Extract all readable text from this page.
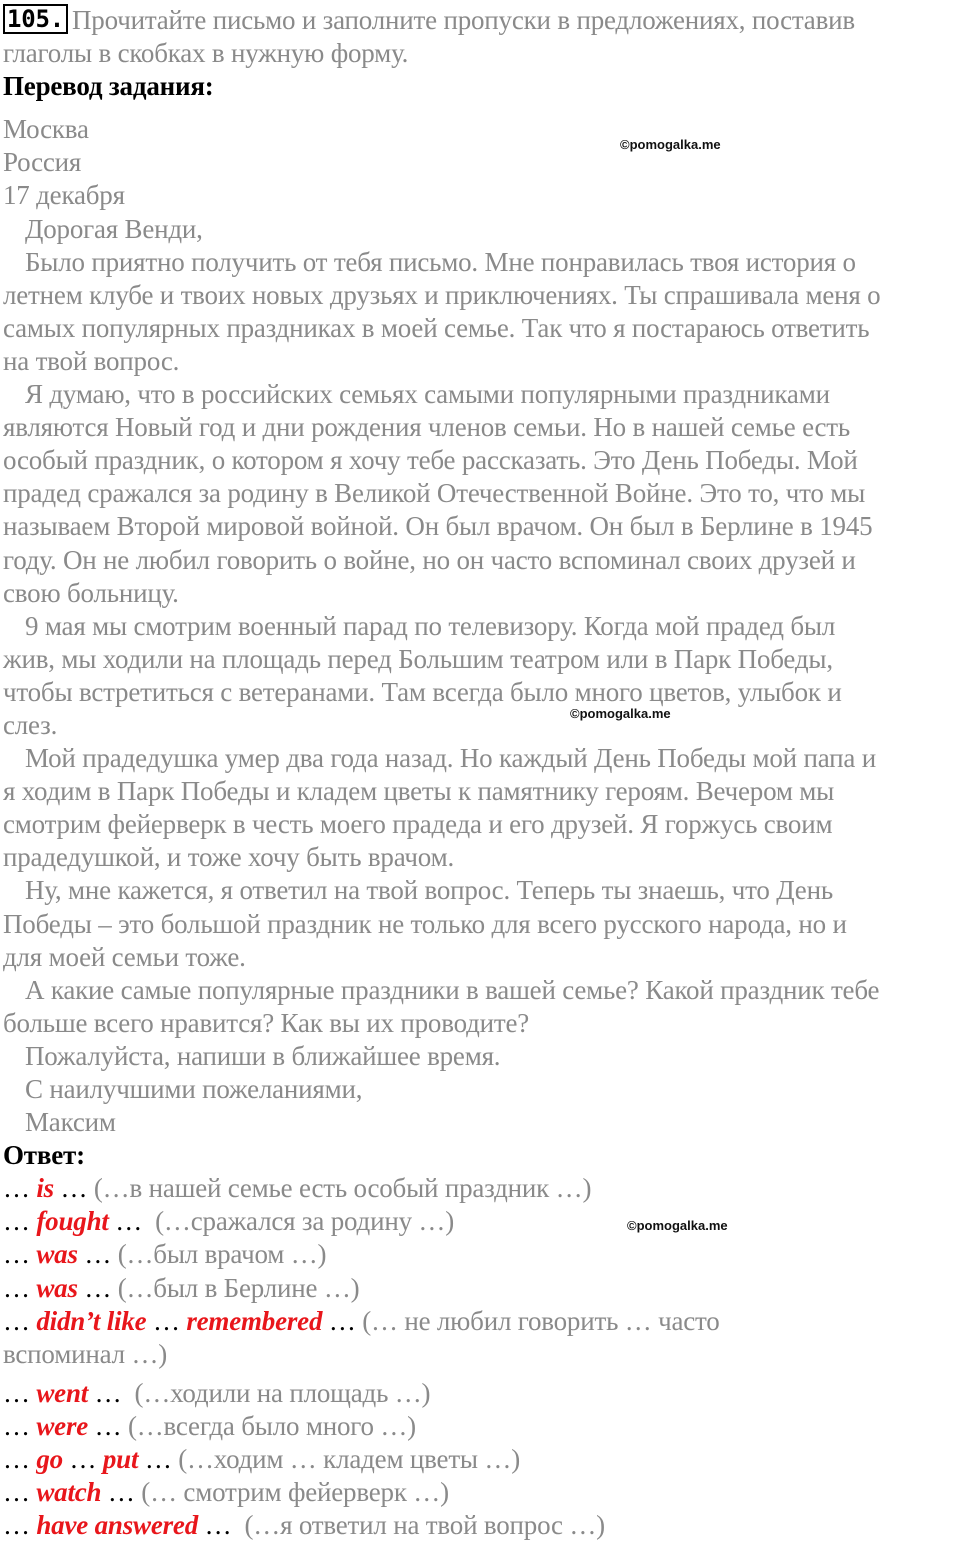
105. Прочитайте письмо и заполните пропуски в предложениях, поставив
глаголы в скобках в нужную форму.
Перевод задания:
Москва
Россия
17 декабря
Дорогая Венди,
Было приятно получить от тебя письмо. Мне понравилась твоя история о
летнем клубе и твоих новых друзьях и приключениях. Ты спрашивала меня о
самых популярных праздниках в моей семье. Так что я постараюсь ответить
на твой вопрос.
Я думаю, что в российских семьях самыми популярными праздниками
являются Новый год и дни рождения членов семьи. Но в нашей семье есть
особый праздник, о котором я хочу тебе рассказать. Это День Победы. Мой
прадед сражался за родину в Великой Отечественной Войне. Это то, что мы
называем Второй мировой войной. Он был врачом. Он был в Берлине в 1945
году. Он не любил говорить о войне, но он часто вспоминал своих друзей и
свою больницу.
9 мая мы смотрим военный парад по телевизору. Когда мой прадед был
жив, мы ходили на площадь перед Большим театром или в Парк Победы,
чтобы встретиться с ветеранами. Там всегда было много цветов, улыбок и
слез.
Мой прадедушка умер два года назад. Но каждый День Победы мой папа и
я ходим в Парк Победы и кладем цветы к памятнику героям. Вечером мы
смотрим фейерверк в честь моего прадеда и его друзей. Я горжусь своим
прадедушкой, и тоже хочу быть врачом.
Ну, мне кажется, я ответил на твой вопрос. Теперь ты знаешь, что День
Победы – это большой праздник не только для всего русского народа, но и
для моей семьи тоже.
А какие самые популярные праздники в вашей семье? Какой праздник тебе
больше всего нравится? Как вы их проводите?
Пожалуйста, напиши в ближайшее время.
С наилучшими пожеланиями,
Максим
Ответ:
… is … (…в нашей семье есть особый праздник …)
… fought …  (…сражался за родину …)
… was … (…был врачом …)
… was … (…был в Берлине …)
… didn’t like … remembered … (… не любил говорить … часто
вспоминал …)
… went …  (…ходили на площадь …)
… were … (…всегда было много …)
… go … put … (…ходим … кладем цветы …)
… watch … (… смотрим фейерверк …)
… have answered …  (…я ответил на твой вопрос …)
©pomogalka.me
©pomogalka.me
©pomogalka.me
